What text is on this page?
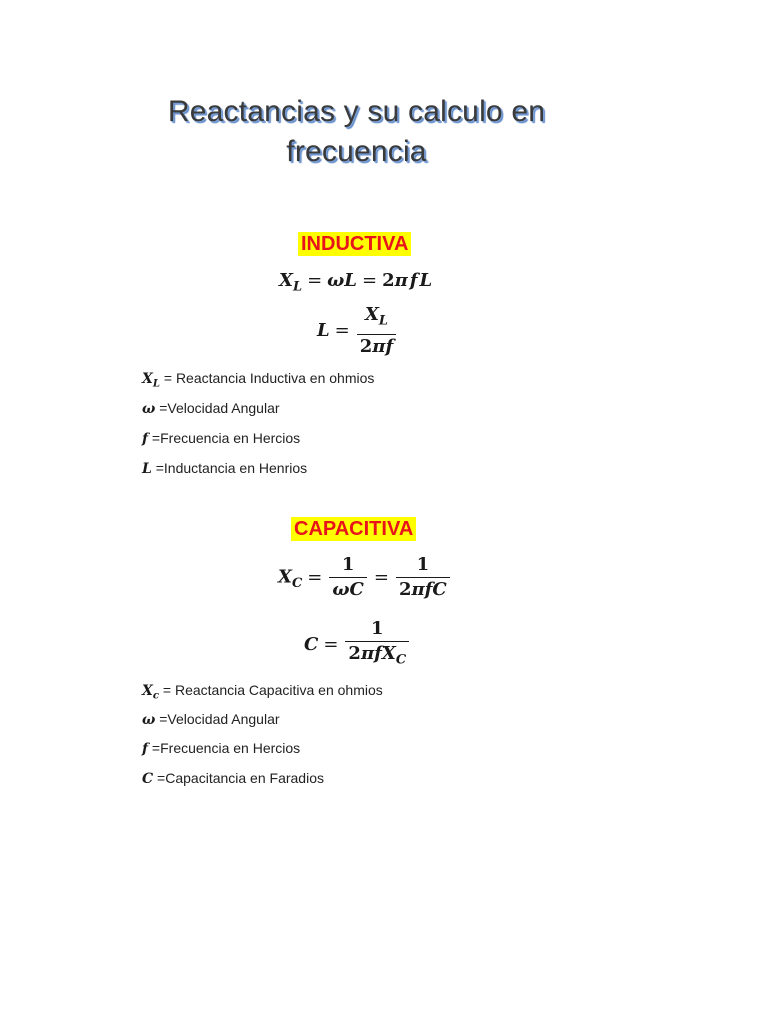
Reactancias y su calculo en
frecuencia
INDUCTIVA
$X_L = \omega L = 2\pi$ f L
$L = \frac{X_L}{2\pi f}$
$X_L$ = Reactancia Inductiva en ohmios
ω =Velocidad Angular
f =Frecuencia en Hercios
L =Inductancia en Henrios
CAPACITIVA
$X_C = \frac{1}{\omega C} = \frac{1}{\text{2πfC}}$
$C = \frac{1}{2\pi fX_C}$
$X_c$ = Reactancia Capacitiva en ohmios
ω =Velocidad Angular
f =Frecuencia en Hercios
C =Capacitancia en Faradios
